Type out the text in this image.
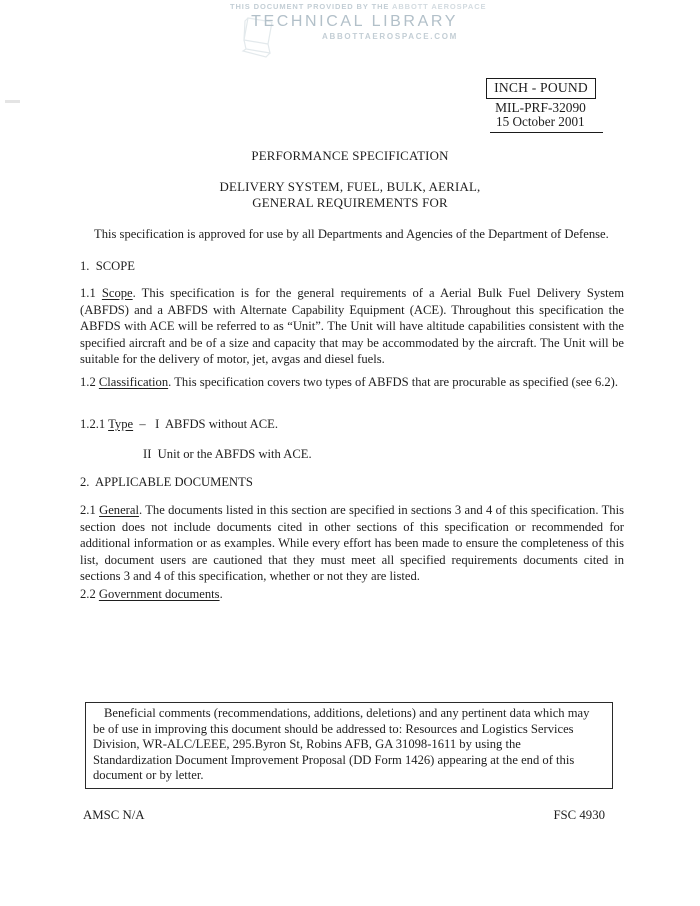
THIS DOCUMENT PROVIDED BY THE ABBOTT AEROSPACE
TECHNICAL LIBRARY
ABBOTTAEROSPACE.COM
INCH - POUND
MIL-PRF-32090
15 October 2001
PERFORMANCE SPECIFICATION
DELIVERY SYSTEM, FUEL, BULK, AERIAL,
GENERAL REQUIREMENTS FOR
This specification is approved for use by all Departments and Agencies of the Department of Defense.
1.  SCOPE
1.1 Scope. This specification is for the general requirements of a Aerial Bulk Fuel Delivery System (ABFDS) and a ABFDS with Alternate Capability Equipment (ACE). Throughout this specification the ABFDS with ACE will be referred to as “Unit”. The Unit will have altitude capabilities consistent with the specified aircraft and be of a size and capacity that may be accommodated by the aircraft. The Unit will be suitable for the delivery of motor, jet, avgas and diesel fuels.
1.2 Classification. This specification covers two types of ABFDS that are procurable as specified (see 6.2).
1.2.1 Type  –   I  ABFDS without ACE.
II  Unit or the ABFDS with ACE.
2.  APPLICABLE DOCUMENTS
2.1 General. The documents listed in this section are specified in sections 3 and 4 of this specification. This section does not include documents cited in other sections of this specification or recommended for additional information or as examples. While every effort has been made to ensure the completeness of this list, document users are cautioned that they must meet all specified requirements documents cited in sections 3 and 4 of this specification, whether or not they are listed.
2.2 Government documents.
Beneficial comments (recommendations, additions, deletions) and any pertinent data which may be of use in improving this document should be addressed to: Resources and Logistics Services Division, WR-ALC/LEEE, 295.Byron St, Robins AFB, GA 31098-1611 by using the Standardization Document Improvement Proposal (DD Form 1426) appearing at the end of this document or by letter.
AMSC N/A	FSC 4930
